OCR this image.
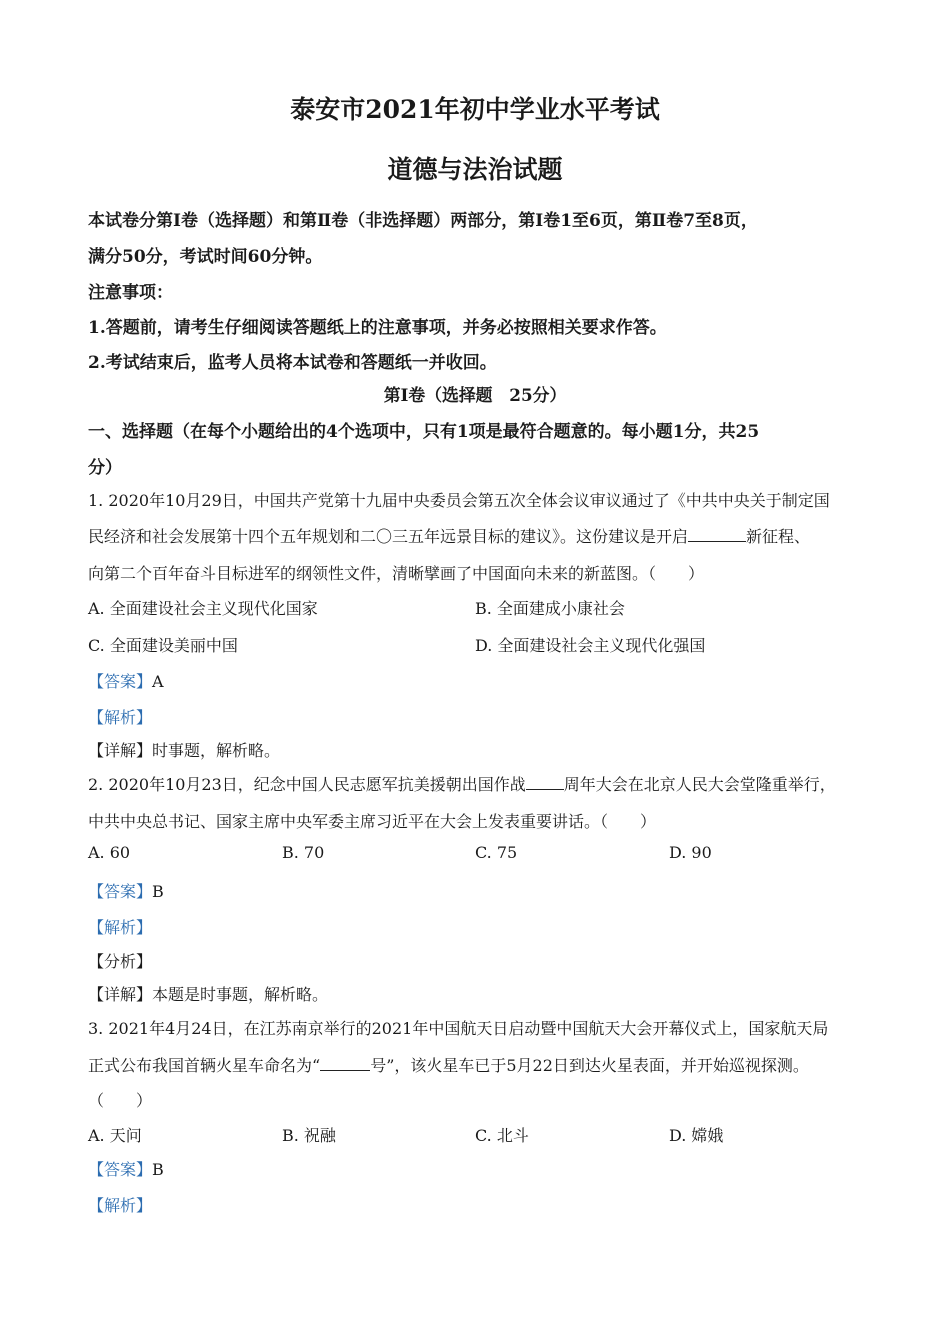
泰安市2021年初中学业水平考试
道德与法治试题
本试卷分第Ⅰ卷（选择题）和第Ⅱ卷（非选择题）两部分，第Ⅰ卷1至6页，第Ⅱ卷7至8页，
满分50分，考试时间60分钟。
注意事项：
1.答题前，请考生仔细阅读答题纸上的注意事项，并务必按照相关要求作答。
2.考试结束后，监考人员将本试卷和答题纸一并收回。
第Ⅰ卷（选择题　25分）
一、选择题（在每个小题给出的4个选项中，只有1项是最符合题意的。每小题1分，共25
分）
1. 2020年10月29日，中国共产党第十九届中央委员会第五次全体会议审议通过了《中共中央关于制定国
民经济和社会发展第十四个五年规划和二〇三五年远景目标的建议》。这份建议是开启	新征程、
向第二个百年奋斗目标进军的纲领性文件，清晰擘画了中国面向未来的新蓝图。（　　）
A. 全面建设社会主义现代化国家	B. 全面建成小康社会
C. 全面建设美丽中国	D. 全面建设社会主义现代化强国
【答案】A
【解析】
【详解】时事题，解析略。
2. 2020年10月23日，纪念中国人民志愿军抗美援朝出国作战 周年大会在北京人民大会堂隆重举行，
中共中央总书记、国家主席中央军委主席习近平在大会上发表重要讲话。（　　）
A. 60	B. 70	C. 75	D. 90
【答案】B
【解析】
【分析】
【详解】本题是时事题，解析略。
3. 2021年4月24日，在江苏南京举行的2021年中国航天日启动暨中国航天大会开幕仪式上，国家航天局
正式公布我国首辆火星车命名为“	号”，该火星车已于5月22日到达火星表面，并开始巡视探测。
（　　）
A. 天问	B. 祝融	C. 北斗	D. 嫦娥
【答案】B
【解析】
